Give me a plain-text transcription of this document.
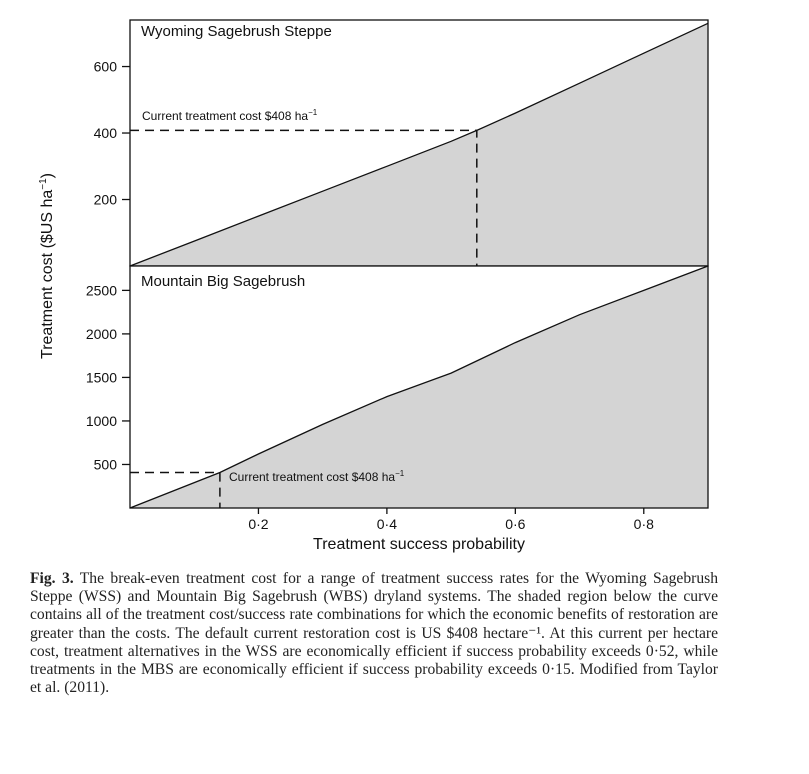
Current treatment cost $408 $ha^{-1}$
Wyoming Sagebrush Steppe
200
400
600
Current treatment cost $408 $ha^{-1}$
Mountain Big Sagebrush
500
1000
1500
2000
2500
0·2	0·4	0·6	0·8
Treatment success probability
Treatment cost ($US $ha^{-1}$)

Fig. 3. The break-even treatment cost for a range of treatment success rates for the Wyoming Sagebrush Steppe (WSS) and Mountain Big Sagebrush (WBS) dryland systems. The shaded region below the curve contains all of the treatment cost/success rate combinations for which the economic benefits of restoration are greater than the costs. The default current restoration cost is US $408 hectare⁻¹. At this current per hectare cost, treatment alternatives in the WSS are economically efficient if success probability exceeds 0·52, while treatments in the MBS are economically efficient if success probability exceeds 0·15. Modified from Taylor et al. (2011).
